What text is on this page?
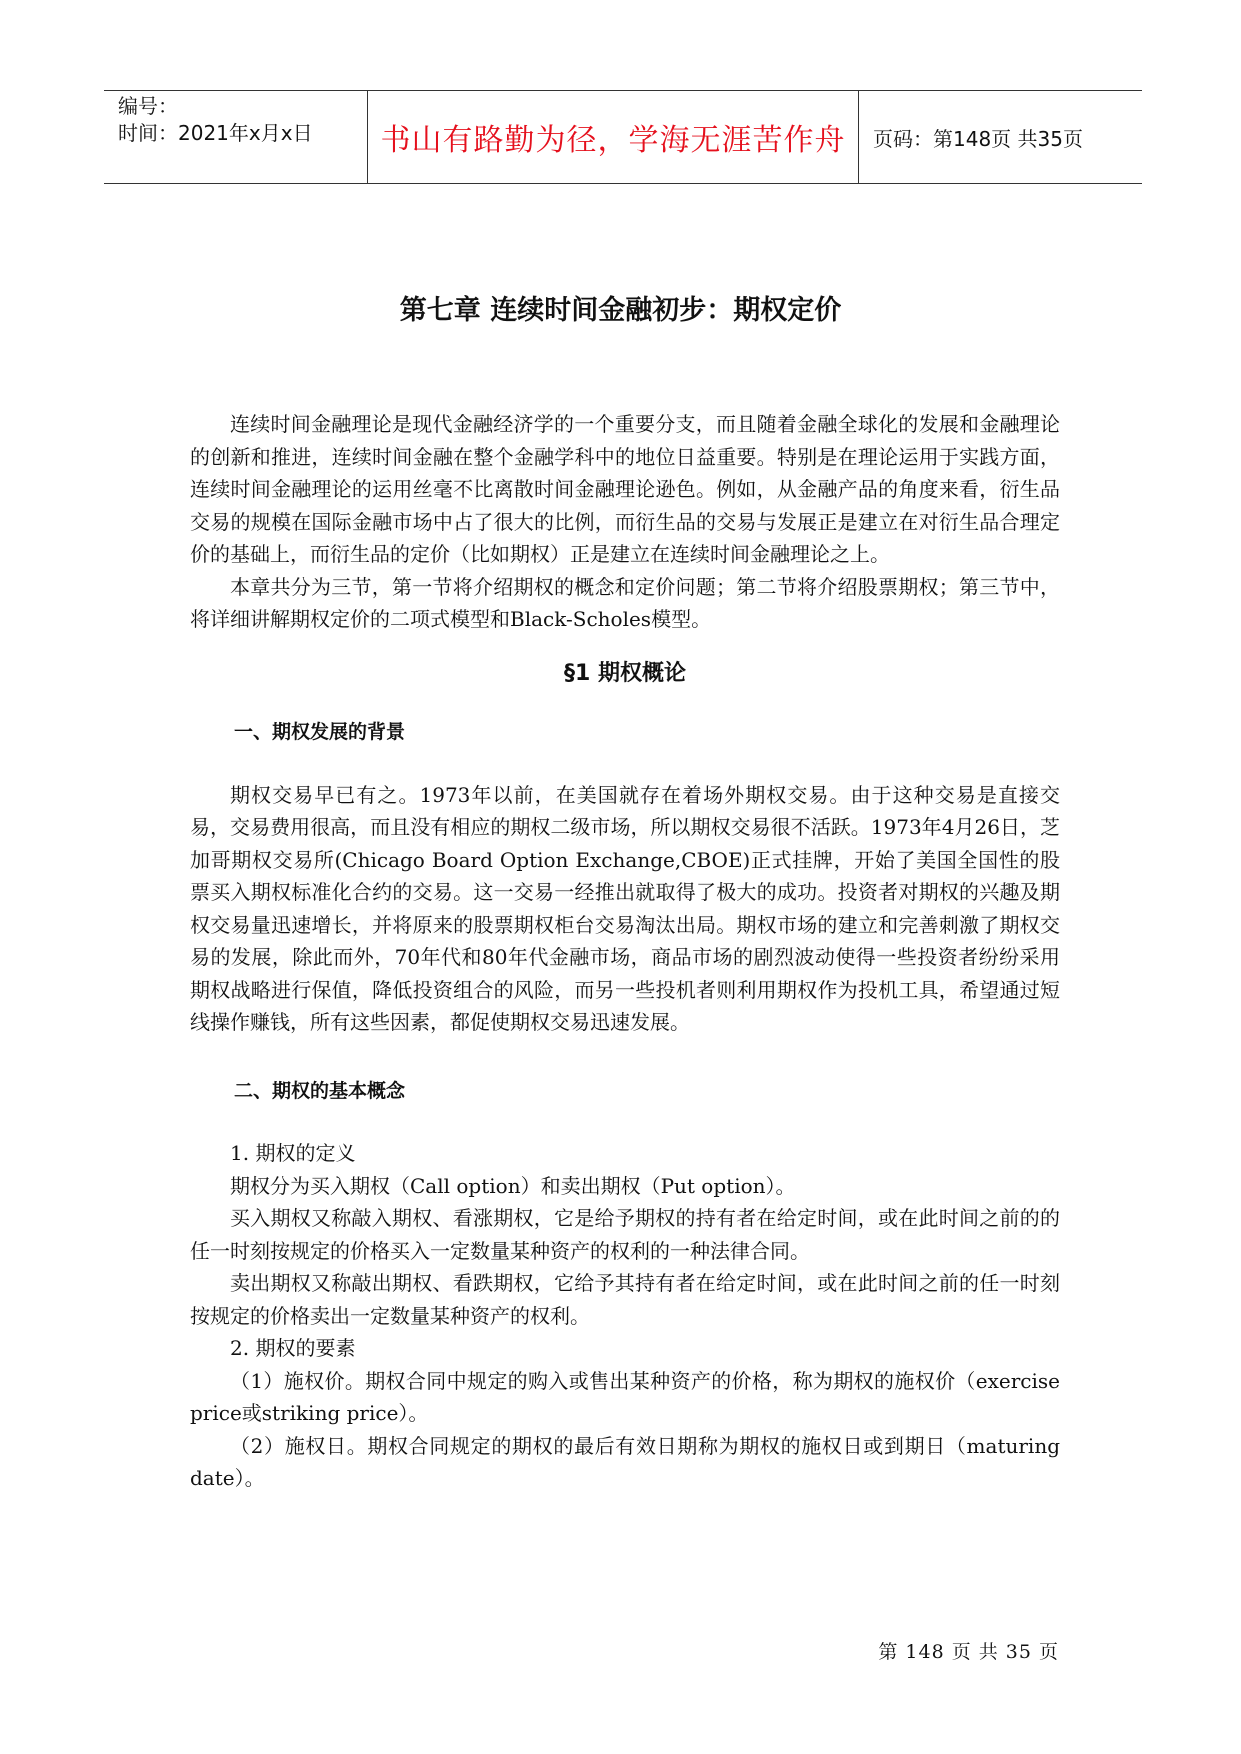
编号：
时间：2021年x月x日	书山有路勤为径，学海无涯苦作舟	页码：第148页 共35页
第七章 连续时间金融初步：期权定价

连续时间金融理论是现代金融经济学的一个重要分支，而且随着金融全球化的发展和金融理论的创新和推进，连续时间金融在整个金融学科中的地位日益重要。特别是在理论运用于实践方面，连续时间金融理论的运用丝毫不比离散时间金融理论逊色。例如，从金融产品的角度来看，衍生品交易的规模在国际金融市场中占了很大的比例，而衍生品的交易与发展正是建立在对衍生品合理定价的基础上，而衍生品的定价（比如期权）正是建立在连续时间金融理论之上。

本章共分为三节，第一节将介绍期权的概念和定价问题；第二节将介绍股票期权；第三节中，将详细讲解期权定价的二项式模型和Black-Scholes模型。

§1 期权概论
一、期权发展的背景

期权交易早已有之。1973年以前，在美国就存在着场外期权交易。由于这种交易是直接交易，交易费用很高，而且没有相应的期权二级市场，所以期权交易很不活跃。1973年4月26日，芝加哥期权交易所(Chicago Board Option Exchange,CBOE)正式挂牌，开始了美国全国性的股票买入期权标准化合约的交易。这一交易一经推出就取得了极大的成功。投资者对期权的兴趣及期权交易量迅速增长，并将原来的股票期权柜台交易淘汰出局。期权市场的建立和完善刺激了期权交易的发展，除此而外，70年代和80年代金融市场，商品市场的剧烈波动使得一些投资者纷纷采用期权战略进行保值，降低投资组合的风险，而另一些投机者则利用期权作为投机工具，希望通过短线操作赚钱，所有这些因素，都促使期权交易迅速发展。

二、期权的基本概念

1. 期权的定义

期权分为买入期权（Call option）和卖出期权（Put option）。

买入期权又称敲入期权、看涨期权，它是给予期权的持有者在给定时间，或在此时间之前的的任一时刻按规定的价格买入一定数量某种资产的权利的一种法律合同。

卖出期权又称敲出期权、看跌期权，它给予其持有者在给定时间，或在此时间之前的任一时刻按规定的价格卖出一定数量某种资产的权利。

2. 期权的要素

（1）施权价。期权合同中规定的购入或售出某种资产的价格，称为期权的施权价（exercise price或striking price）。

（2）施权日。期权合同规定的期权的最后有效日期称为期权的施权日或到期日（maturing date）。

第 148 页 共 35 页
